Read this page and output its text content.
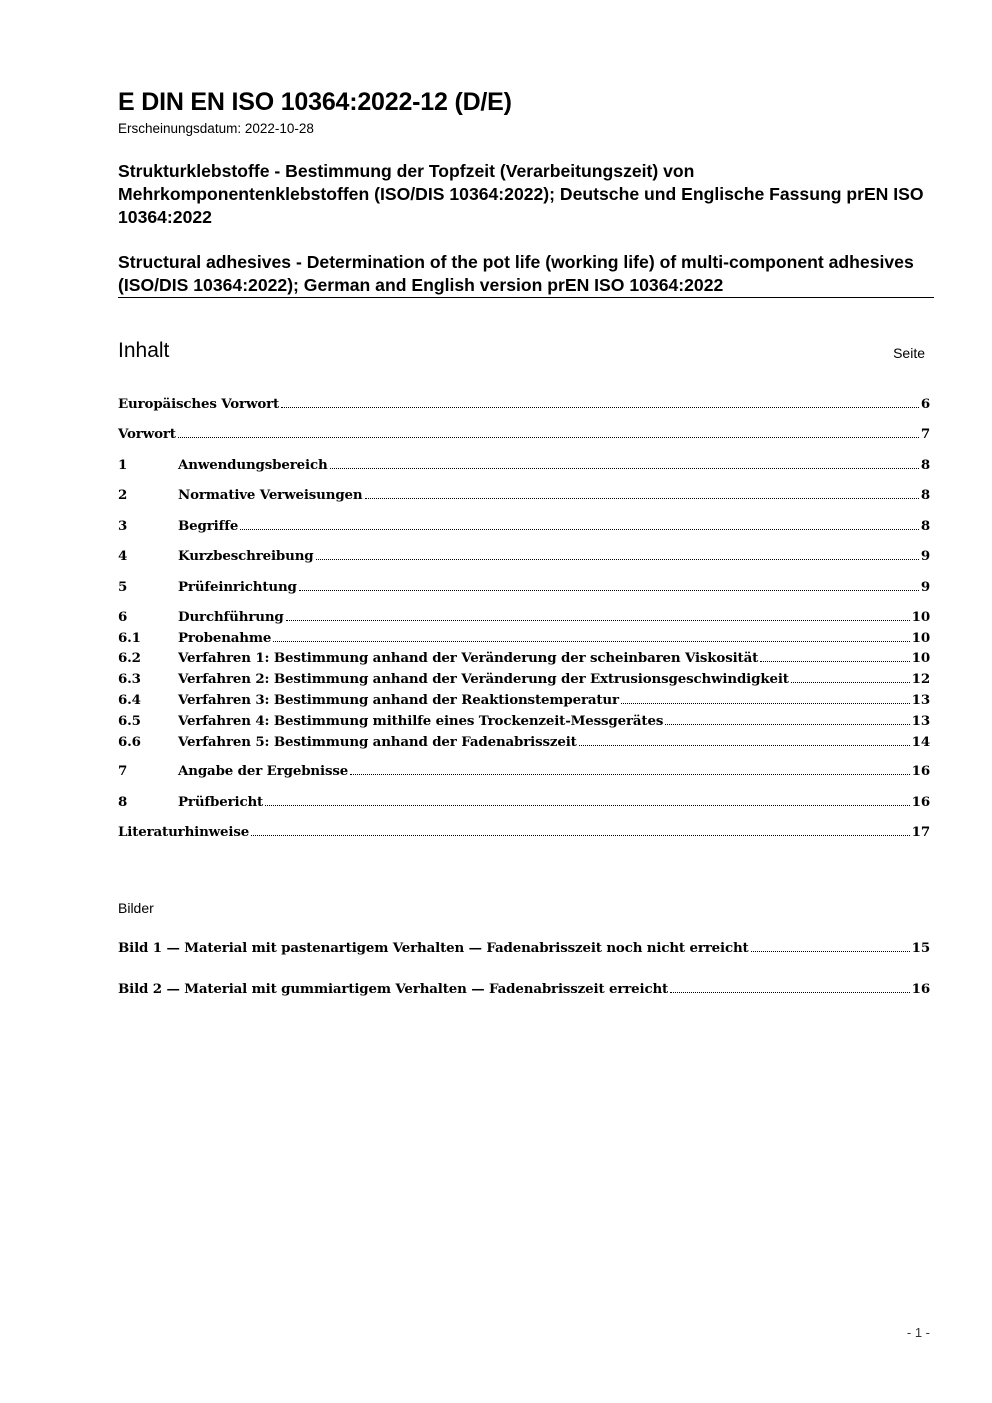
E DIN EN ISO 10364:2022-12 (D/E)
Erscheinungsdatum: 2022-10-28
Strukturklebstoffe - Bestimmung der Topfzeit (Verarbeitungszeit) von Mehrkomponentenklebstoffen (ISO/DIS 10364:2022); Deutsche und Englische Fassung prEN ISO 10364:2022
Structural adhesives - Determination of the pot life (working life) of multi-component adhesives (ISO/DIS 10364:2022); German and English version prEN ISO 10364:2022
Inhalt	Seite
Europäisches Vorwort	6
Vorwort	7
1	Anwendungsbereich	8
2	Normative Verweisungen	8
3	Begriffe	8
4	Kurzbeschreibung	9
5	Prüfeinrichtung	9
6	Durchführung	10
6.1	Probenahme	10
6.2	Verfahren 1: Bestimmung anhand der Veränderung der scheinbaren Viskosität	10
6.3	Verfahren 2: Bestimmung anhand der Veränderung der Extrusionsgeschwindigkeit	12
6.4	Verfahren 3: Bestimmung anhand der Reaktionstemperatur	13
6.5	Verfahren 4: Bestimmung mithilfe eines Trockenzeit-Messgerätes	13
6.6	Verfahren 5: Bestimmung anhand der Fadenabrisszeit	14
7	Angabe der Ergebnisse	16
8	Prüfbericht	16
Literaturhinweise	17
Bilder
Bild 1 — Material mit pastenartigem Verhalten — Fadenabrisszeit noch nicht erreicht	15
Bild 2 — Material mit gummiartigem Verhalten — Fadenabrisszeit erreicht	16
- 1 -
